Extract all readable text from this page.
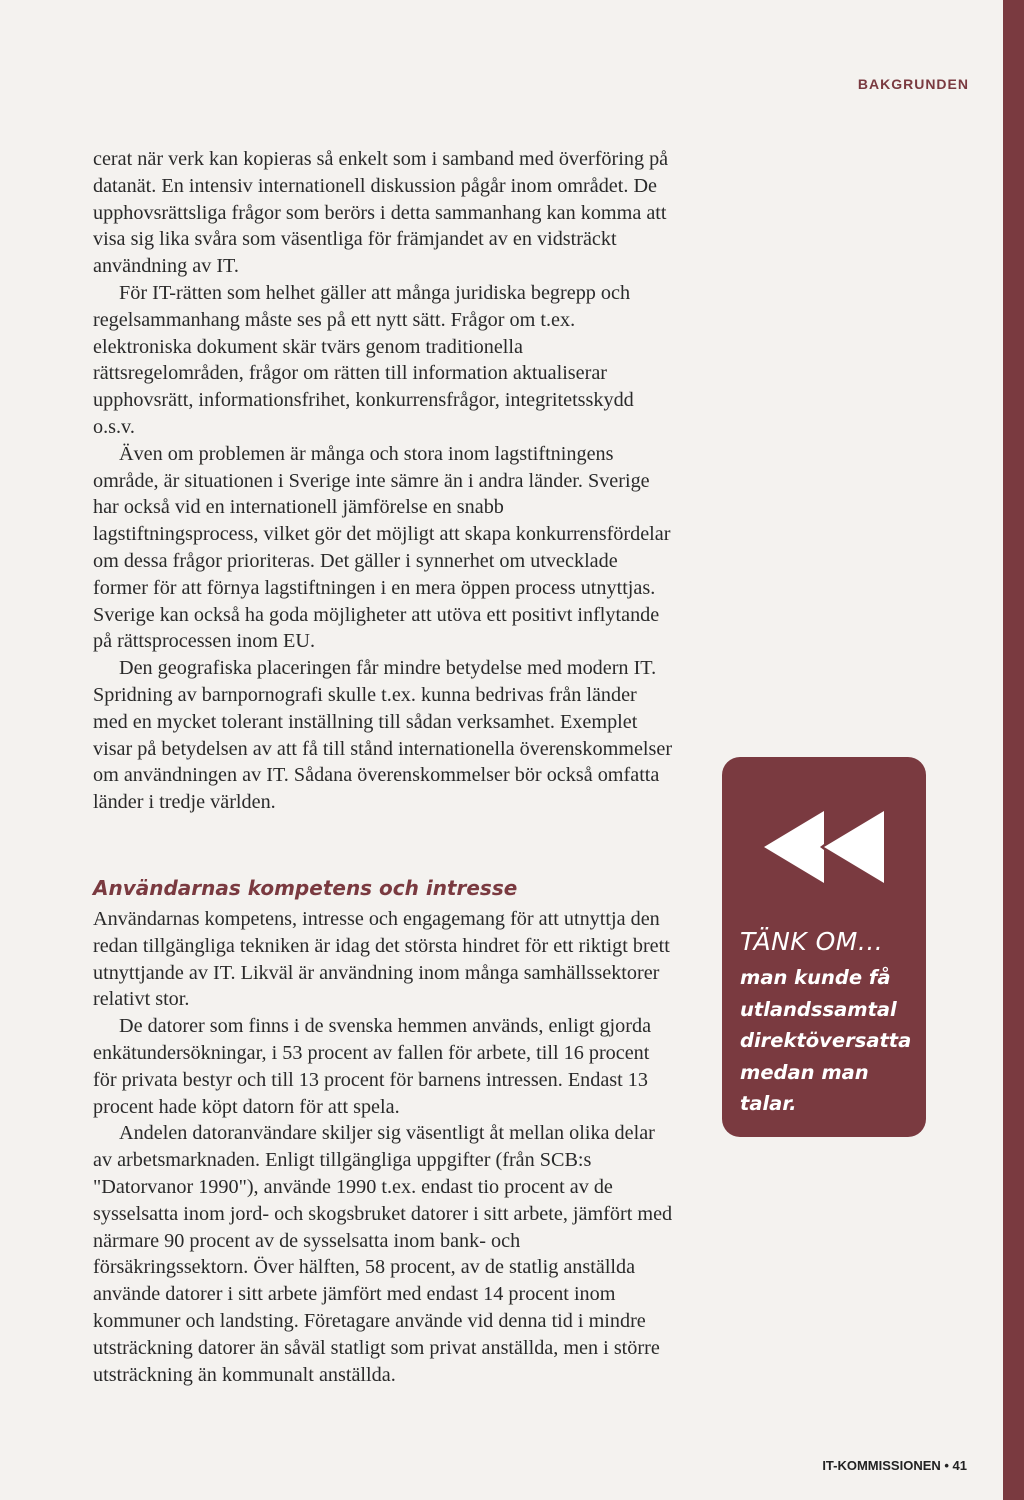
BAKGRUNDEN

cerat när verk kan kopieras så enkelt som i samband med överföring på datanät. En intensiv internationell diskussion pågår inom området. De upphovsrättsliga frågor som berörs i detta sammanhang kan komma att visa sig lika svåra som väsentliga för främjandet av en vidsträckt användning av IT.

För IT-rätten som helhet gäller att många juridiska begrepp och regelsammanhang måste ses på ett nytt sätt. Frågor om t.ex. elektroniska dokument skär tvärs genom traditionella rättsregelområden, frågor om rätten till information aktualiserar upphovsrätt, informationsfrihet, konkurrensfrågor, integritetsskydd o.s.v.

Även om problemen är många och stora inom lagstiftningens område, är situationen i Sverige inte sämre än i andra länder. Sverige har också vid en internationell jämförelse en snabb lagstiftningsprocess, vilket gör det möjligt att skapa konkurrensfördelar om dessa frågor prioriteras. Det gäller i synnerhet om utvecklade former för att förnya lagstiftningen i en mera öppen process utnyttjas. Sverige kan också ha goda möjligheter att utöva ett positivt inflytande på rättsprocessen inom EU.

Den geografiska placeringen får mindre betydelse med modern IT. Spridning av barnpornografi skulle t.ex. kunna bedrivas från länder med en mycket tolerant inställning till sådan verksamhet. Exemplet visar på betydelsen av att få till stånd internationella överenskommelser om användningen av IT. Sådana överenskommelser bör också omfatta länder i tredje världen.

Användarnas kompetens och intresse

Användarnas kompetens, intresse och engagemang för att utnyttja den redan tillgängliga tekniken är idag det största hindret för ett riktigt brett utnyttjande av IT. Likväl är användning inom många samhällssektorer relativt stor.

De datorer som finns i de svenska hemmen används, enligt gjorda enkätundersökningar, i 53 procent av fallen för arbete, till 16 procent för privata bestyr och till 13 procent för barnens intressen. Endast 13 procent hade köpt datorn för att spela.

Andelen datoranvändare skiljer sig väsentligt åt mellan olika delar av arbetsmarknaden. Enligt tillgängliga uppgifter (från SCB:s "Datorvanor 1990"), använde 1990 t.ex. endast tio procent av de sysselsatta inom jord- och skogsbruket datorer i sitt arbete, jämfört med närmare 90 procent av de sysselsatta inom bank- och försäkringssektorn. Över hälften, 58 procent, av de statlig anställda använde datorer i sitt arbete jämfört med endast 14 procent inom kommuner och landsting. Företagare använde vid denna tid i mindre utsträckning datorer än såväl statligt som privat anställda, men i större utsträckning än kommunalt anställda.

TÄNK OM...
man kunde få
utlandssamtal
direktöversatta
medan man
talar.
IT-KOMMISSIONEN • 41
